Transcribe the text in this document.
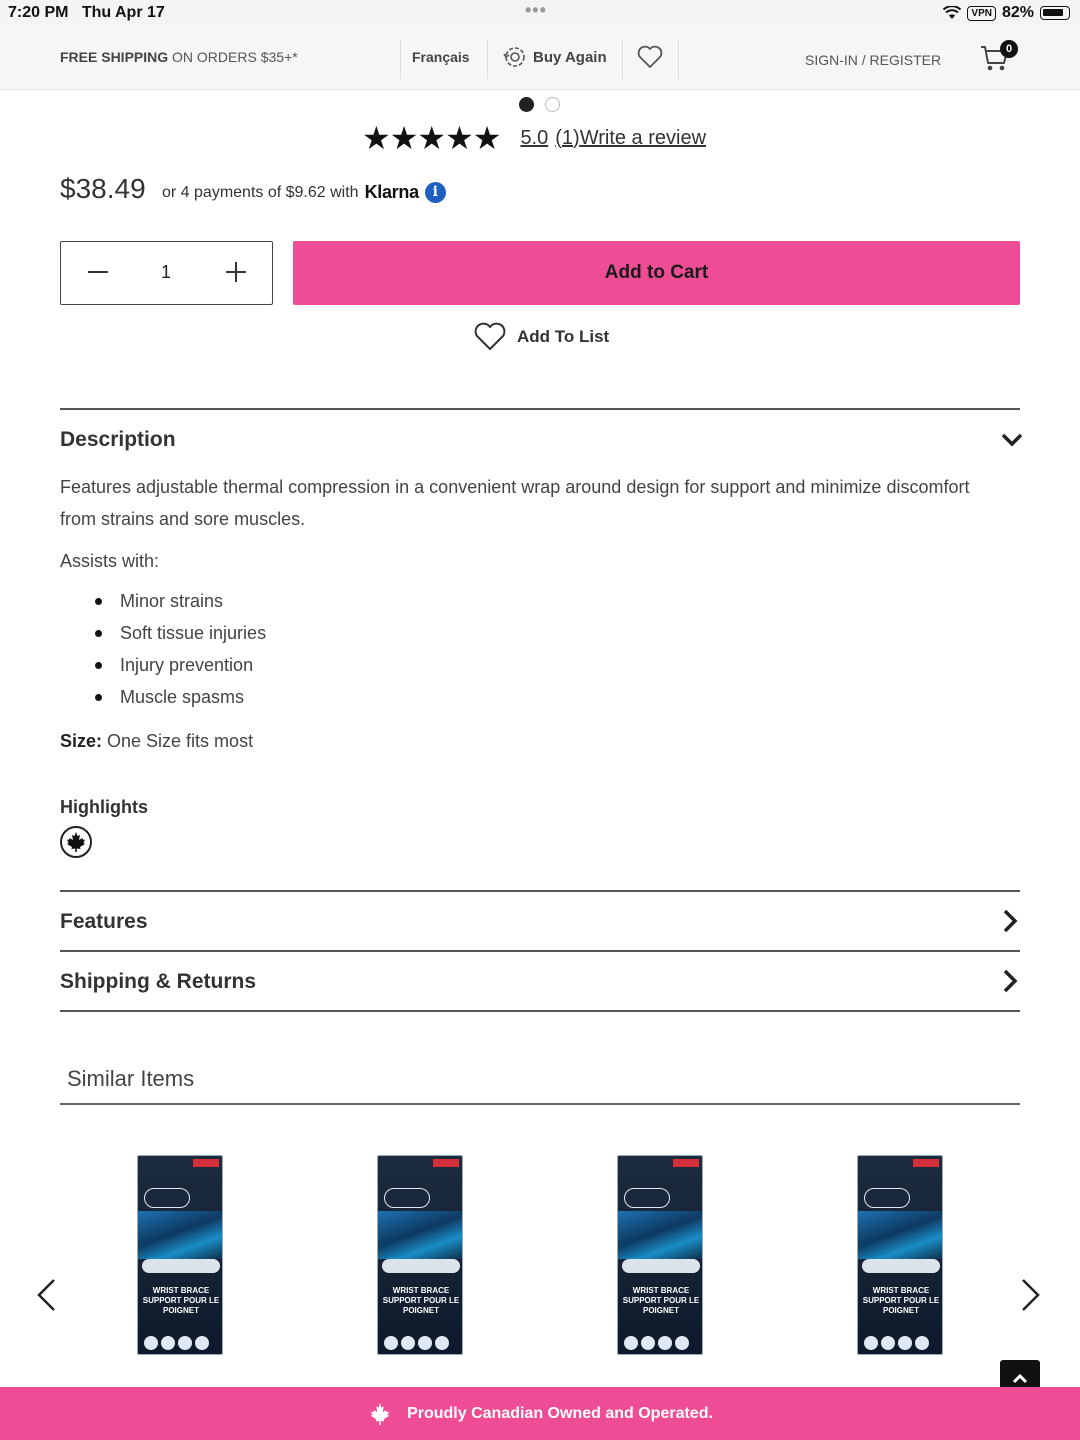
7:20 PM Thu Apr 17	•••	VPN 82%
FREE SHIPPING ON ORDERS $35+*	Français	Buy Again	SIGN-IN / REGISTER
0
★★★★★ 5.0 (1) Write a review
$38.49 or 4 payments of $9.62 with Klarna i
1	Add to Cart
Add To List
Description

Features adjustable thermal compression in a convenient wrap around design for support and minimize discomfort from strains and sore muscles.

Assists with:
Minor strains
Soft tissue injuries
Injury prevention
Muscle spasms
Size: One Size fits most
Highlights
Features
Shipping & Returns
Similar Items
WRIST BRACE SUPPORT POUR LE POIGNET
WRIST BRACE SUPPORT POUR LE POIGNET
WRIST BRACE SUPPORT POUR LE POIGNET
WRIST BRACE SUPPORT POUR LE POIGNET
Proudly Canadian Owned and Operated.
